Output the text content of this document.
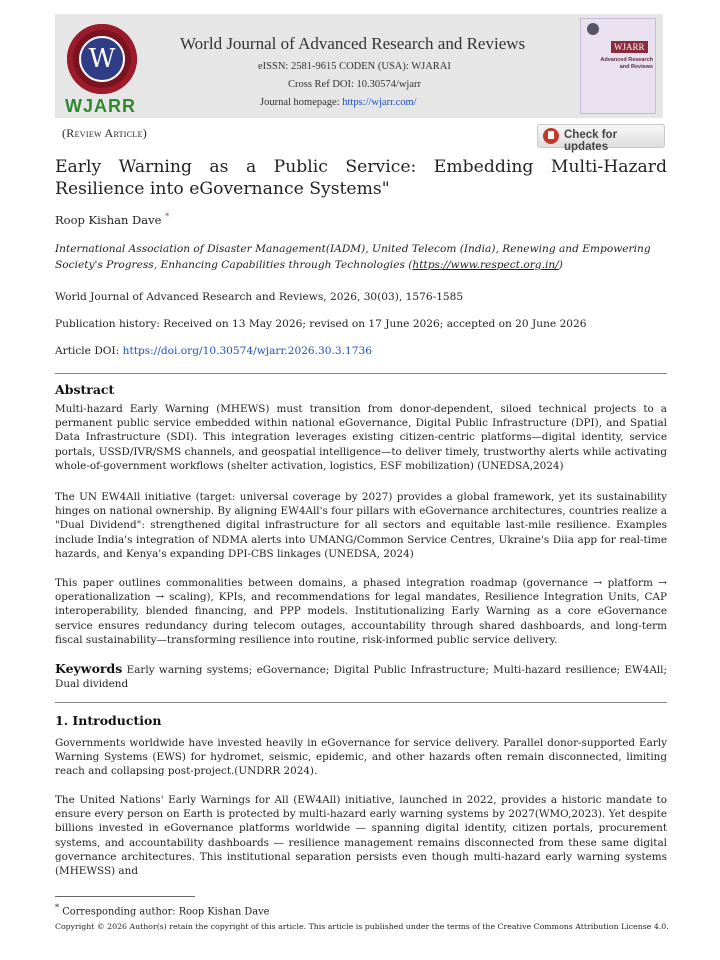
W
WJARR
World Journal of Advanced Research and Reviews
eISSN: 2581-9615 CODEN (USA): WJARAI
Cross Ref DOI: 10.30574/wjarr
Journal homepage: https://wjarr.com/
WJARR
Advanced Research and Reviews
(Review Article)	Check for updates
Early Warning as a Public Service: Embedding Multi-Hazard Resilience into eGovernance Systems"
Roop Kishan Dave *
International Association of Disaster Management(IADM), United Telecom (India), Renewing and Empowering Society's Progress, Enhancing Capabilities through Technologies (https://www.respect.org.in/)
World Journal of Advanced Research and Reviews, 2026, 30(03), 1576-1585
Publication history: Received on 13 May 2026; revised on 17 June 2026; accepted on 20 June 2026
Article DOI: https://doi.org/10.30574/wjarr.2026.30.3.1736
Abstract
Multi-hazard Early Warning (MHEWS) must transition from donor-dependent, siloed technical projects to a permanent public service embedded within national eGovernance, Digital Public Infrastructure (DPI), and Spatial Data Infrastructure (SDI). This integration leverages existing citizen-centric platforms—digital identity, service portals, USSD/IVR/SMS channels, and geospatial intelligence—to deliver timely, trustworthy alerts while activating whole-of-government workflows (shelter activation, logistics, ESF mobilization) (UNEDSA,2024)
The UN EW4All initiative (target: universal coverage by 2027) provides a global framework, yet its sustainability hinges on national ownership. By aligning EW4All's four pillars with eGovernance architectures, countries realize a "Dual Dividend": strengthened digital infrastructure for all sectors and equitable last-mile resilience. Examples include India's integration of NDMA alerts into UMANG/Common Service Centres, Ukraine's Diia app for real-time hazards, and Kenya's expanding DPI-CBS linkages (UNEDSA, 2024)
This paper outlines commonalities between domains, a phased integration roadmap (governance → platform → operationalization → scaling), KPIs, and recommendations for legal mandates, Resilience Integration Units, CAP interoperability, blended financing, and PPP models. Institutionalizing Early Warning as a core eGovernance service ensures redundancy during telecom outages, accountability through shared dashboards, and long-term fiscal sustainability—transforming resilience into routine, risk-informed public service delivery.
Keywords Early warning systems; eGovernance; Digital Public Infrastructure; Multi-hazard resilience; EW4All; Dual dividend
1. Introduction
Governments worldwide have invested heavily in eGovernance for service delivery. Parallel donor-supported Early Warning Systems (EWS) for hydromet, seismic, epidemic, and other hazards often remain disconnected, limiting reach and collapsing post-project.(UNDRR 2024).
The United Nations' Early Warnings for All (EW4All) initiative, launched in 2022, provides a historic mandate to ensure every person on Earth is protected by multi-hazard early warning systems by 2027(WMO,2023). Yet despite billions invested in eGovernance platforms worldwide — spanning digital identity, citizen portals, procurement systems, and accountability dashboards — resilience management remains disconnected from these same digital governance architectures. This institutional separation persists even though multi-hazard early warning systems (MHEWSS) and
* Corresponding author: Roop Kishan Dave
Copyright © 2026 Author(s) retain the copyright of this article. This article is published under the terms of the Creative Commons Attribution License 4.0.
